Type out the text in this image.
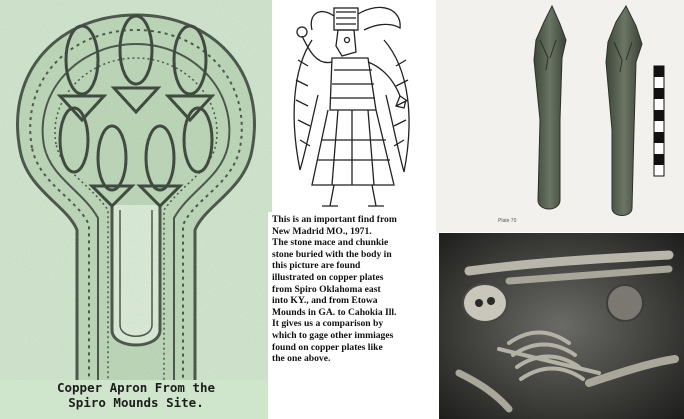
Copper Apron From the
Spiro Mounds Site.
This is an important find from
New Madrid MO., 1971.
The stone mace and chunkie
stone buried with the body in
this picture are found
illustrated on copper plates
from Spiro Oklahoma east
into KY., and from Etowa
Mounds in GA. to Cahokia Ill.
It gives us a comparison by
which to gage other immiages
found on copper plates like
the one above.
Plate 70
